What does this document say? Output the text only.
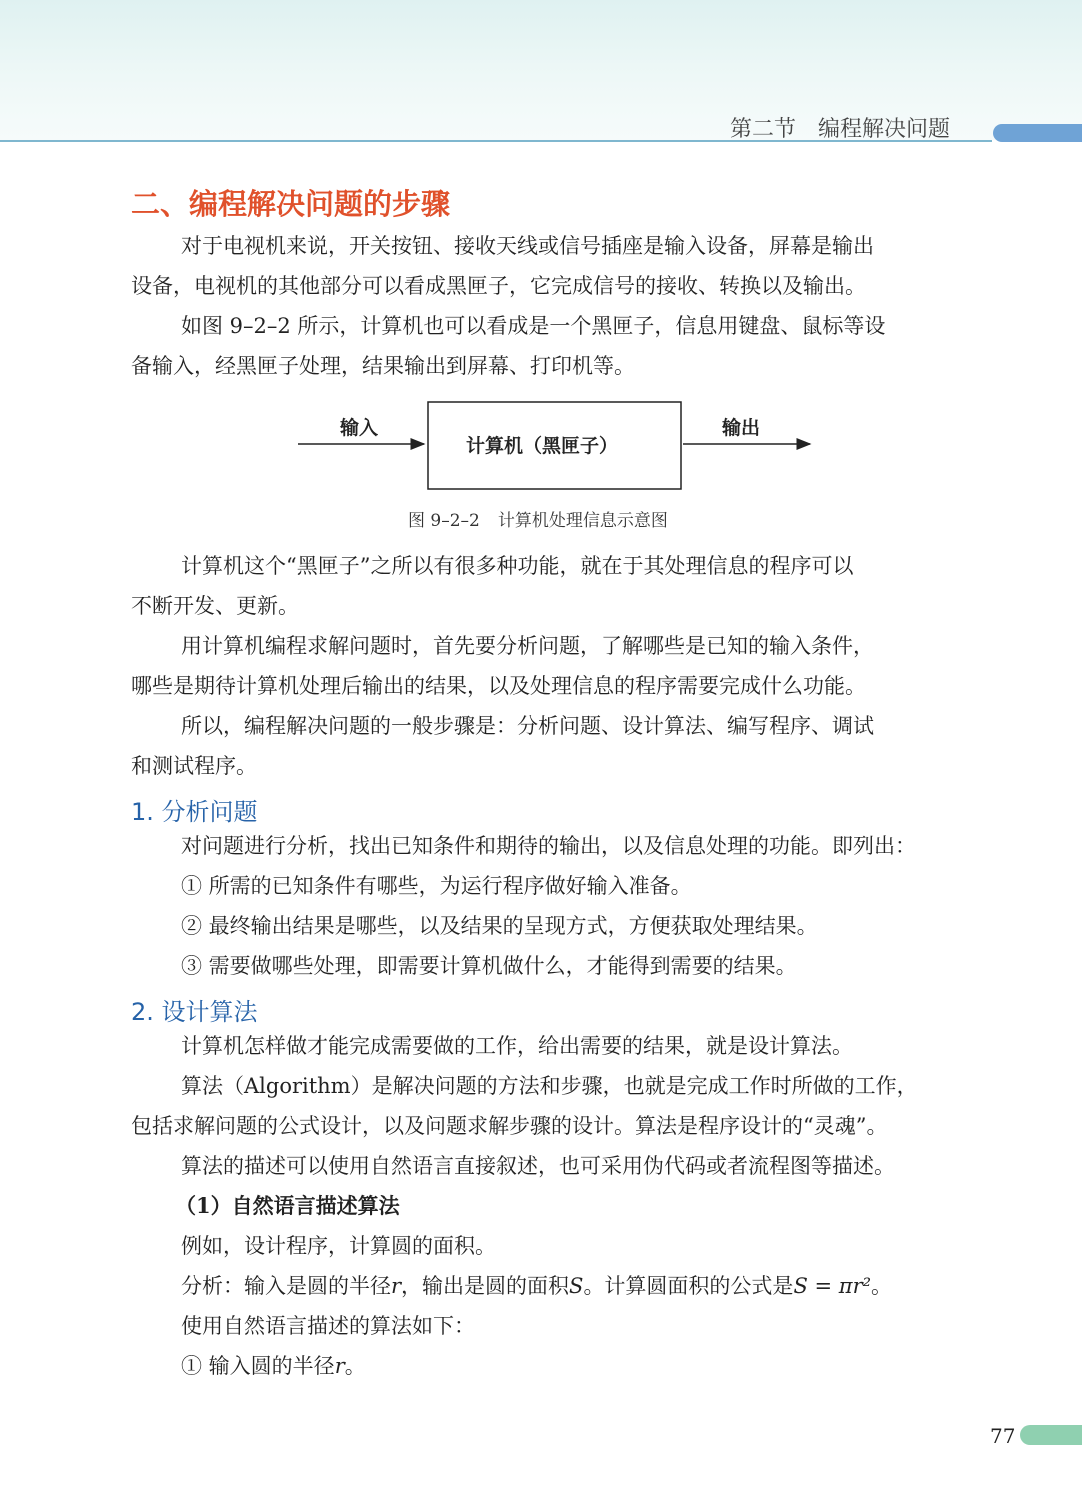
第二节 编程解决问题
二、编程解决问题的步骤
对于电视机来说，开关按钮、接收天线或信号插座是输入设备，屏幕是输出
设备，电视机的其他部分可以看成黑匣子，它完成信号的接收、转换以及输出。
如图 9–2–2 所示，计算机也可以看成是一个黑匣子，信息用键盘、鼠标等设
备输入，经黑匣子处理，结果输出到屏幕、打印机等。
输入
计算机（黑匣子）
输出
图 9–2–2 计算机处理信息示意图
计算机这个“黑匣子”之所以有很多种功能，就在于其处理信息的程序可以
不断开发、更新。
用计算机编程求解问题时，首先要分析问题，了解哪些是已知的输入条件，
哪些是期待计算机处理后输出的结果，以及处理信息的程序需要完成什么功能。
所以，编程解决问题的一般步骤是：分析问题、设计算法、编写程序、调试
和测试程序。
1. 分析问题
对问题进行分析，找出已知条件和期待的输出，以及信息处理的功能。即列出：
① 所需的已知条件有哪些，为运行程序做好输入准备。
② 最终输出结果是哪些，以及结果的呈现方式，方便获取处理结果。
③ 需要做哪些处理，即需要计算机做什么，才能得到需要的结果。
2. 设计算法
计算机怎样做才能完成需要做的工作，给出需要的结果，就是设计算法。
算法（Algorithm）是解决问题的方法和步骤，也就是完成工作时所做的工作，
包括求解问题的公式设计，以及问题求解步骤的设计。算法是程序设计的“灵魂”。
算法的描述可以使用自然语言直接叙述，也可采用伪代码或者流程图等描述。
（1）自然语言描述算法
例如，设计程序，计算圆的面积。
分析：输入是圆的半径r，输出是圆的面积S。计算圆面积的公式是S = πr²。
使用自然语言描述的算法如下：
① 输入圆的半径r。
77
